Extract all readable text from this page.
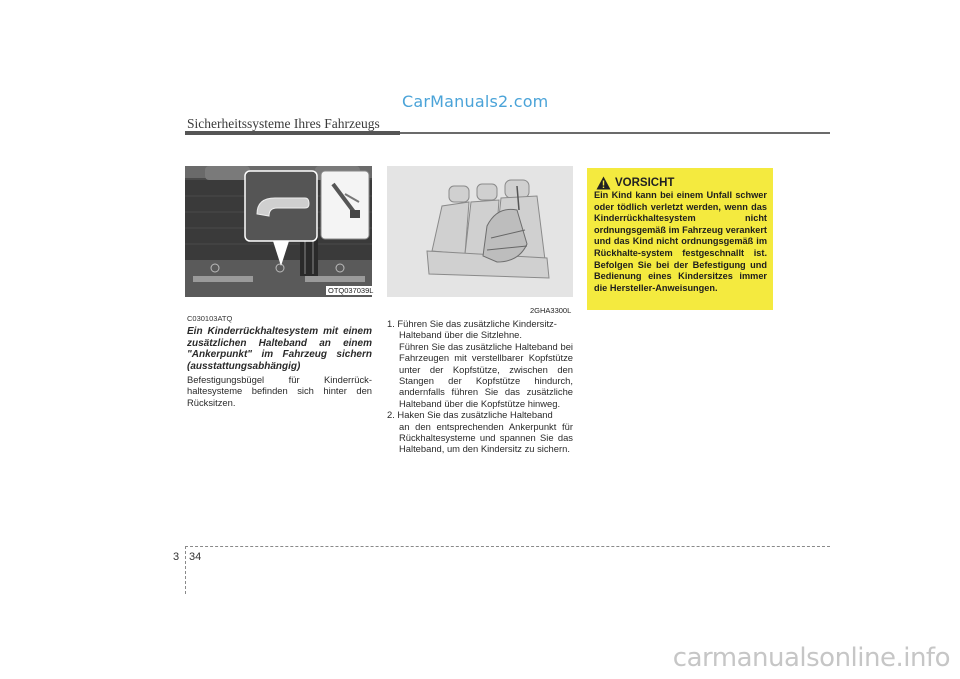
CarManuals2.com
Sicherheitssysteme Ihres Fahrzeugs
OTQ037039L
2GHA3300L
C030103ATQ
Ein Kinderrückhaltesystem mit einem zusätzlichen Halteband an einem "Ankerpunkt" im Fahrzeug sichern (ausstattungsabhängig)
Befestigungsbügel für Kinderrück-haltesysteme befinden sich hinter den Rücksitzen.

1. Führen Sie das zusätzliche Kindersitz-

Halteband über die Sitzlehne.

Führen Sie das zusätzliche Halteband bei Fahrzeugen mit verstellbarer Kopfstütze unter der Kopfstütze, zwischen den Stangen der Kopfstütze hindurch, andernfalls führen Sie das zusätzliche Halteband über die Kopfstütze hinweg.

2. Haken Sie das zusätzliche Halteband

an den entsprechenden Ankerpunkt für Rückhaltesysteme und spannen Sie das Halteband, um den Kindersitz zu sichern.

VORSICHT
Ein Kind kann bei einem Unfall schwer oder tödlich verletzt werden, wenn das Kinderrückhaltesystem nicht ordnungsgemäß im Fahrzeug verankert und das Kind nicht ordnungsgemäß im Rückhalte-system festgeschnallt ist. Befolgen Sie bei der Befestigung und Bedienung eines Kindersitzes immer die Hersteller-Anweisungen.
3 34
carmanualsonline.info
